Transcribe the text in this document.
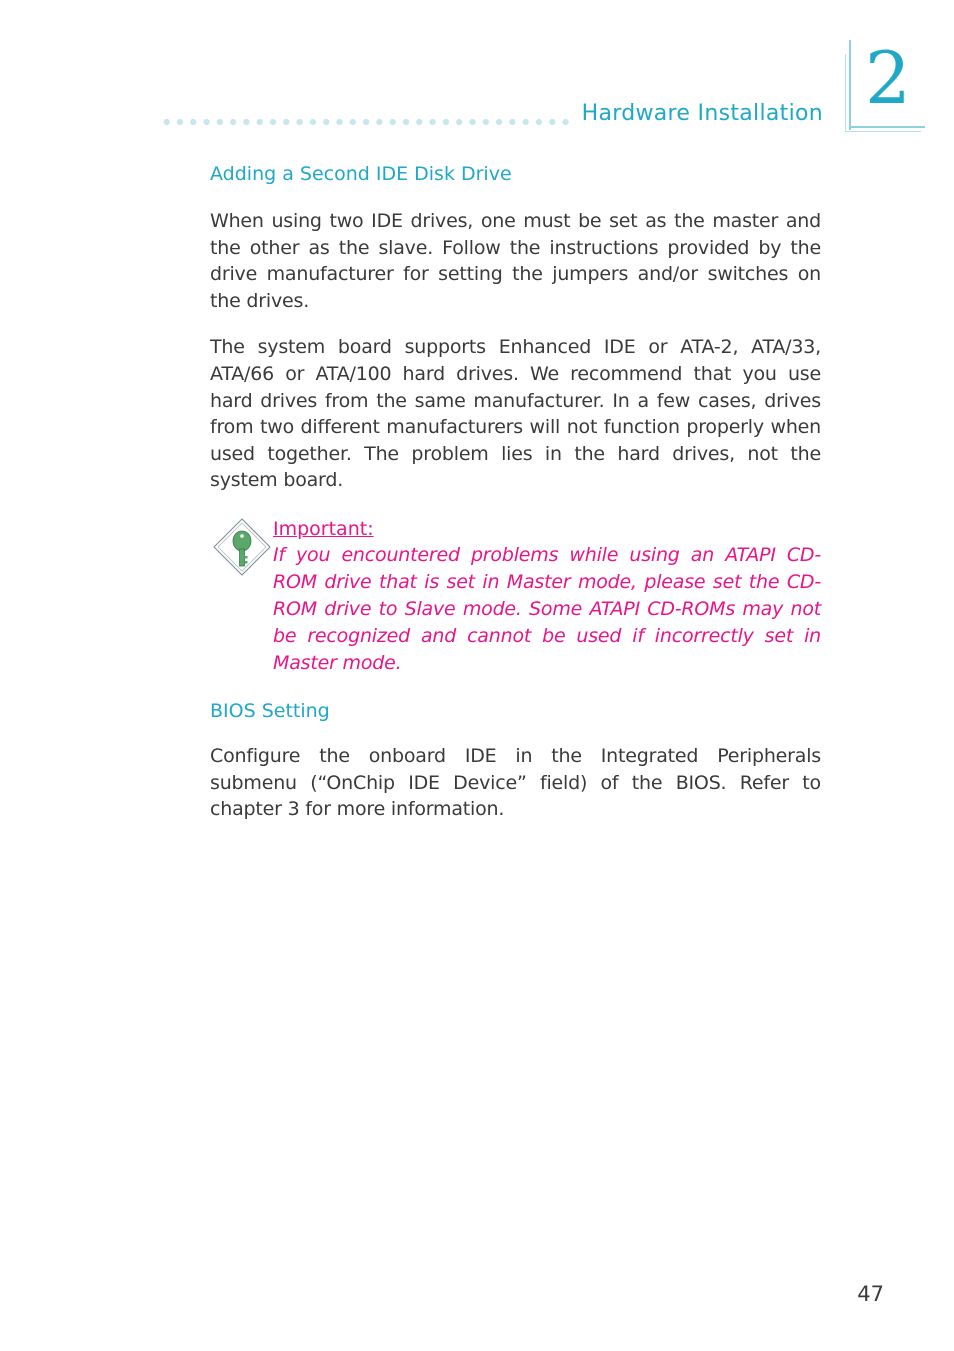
Hardware Installation 2
Adding a Second IDE Disk Drive

When using two IDE drives, one must be set as the master and the other as the slave. Follow the instructions provided by the drive manufacturer for setting the jumpers and/or switches on the drives.

The system board supports Enhanced IDE or ATA-2, ATA/33, ATA/66 or ATA/100 hard drives. We recommend that you use hard drives from the same manufacturer. In a few cases, drives from two different manufacturers will not function properly when used together. The problem lies in the hard drives, not the system board.

Important:

If you encountered problems while using an ATAPI CD-ROM drive that is set in Master mode, please set the CD-ROM drive to Slave mode. Some ATAPI CD-ROMs may not be recognized and cannot be used if incorrectly set in Master mode.

BIOS Setting

Configure the onboard IDE in the Integrated Peripherals submenu (“OnChip IDE Device” field) of the BIOS. Refer to chapter 3 for more information.

47
